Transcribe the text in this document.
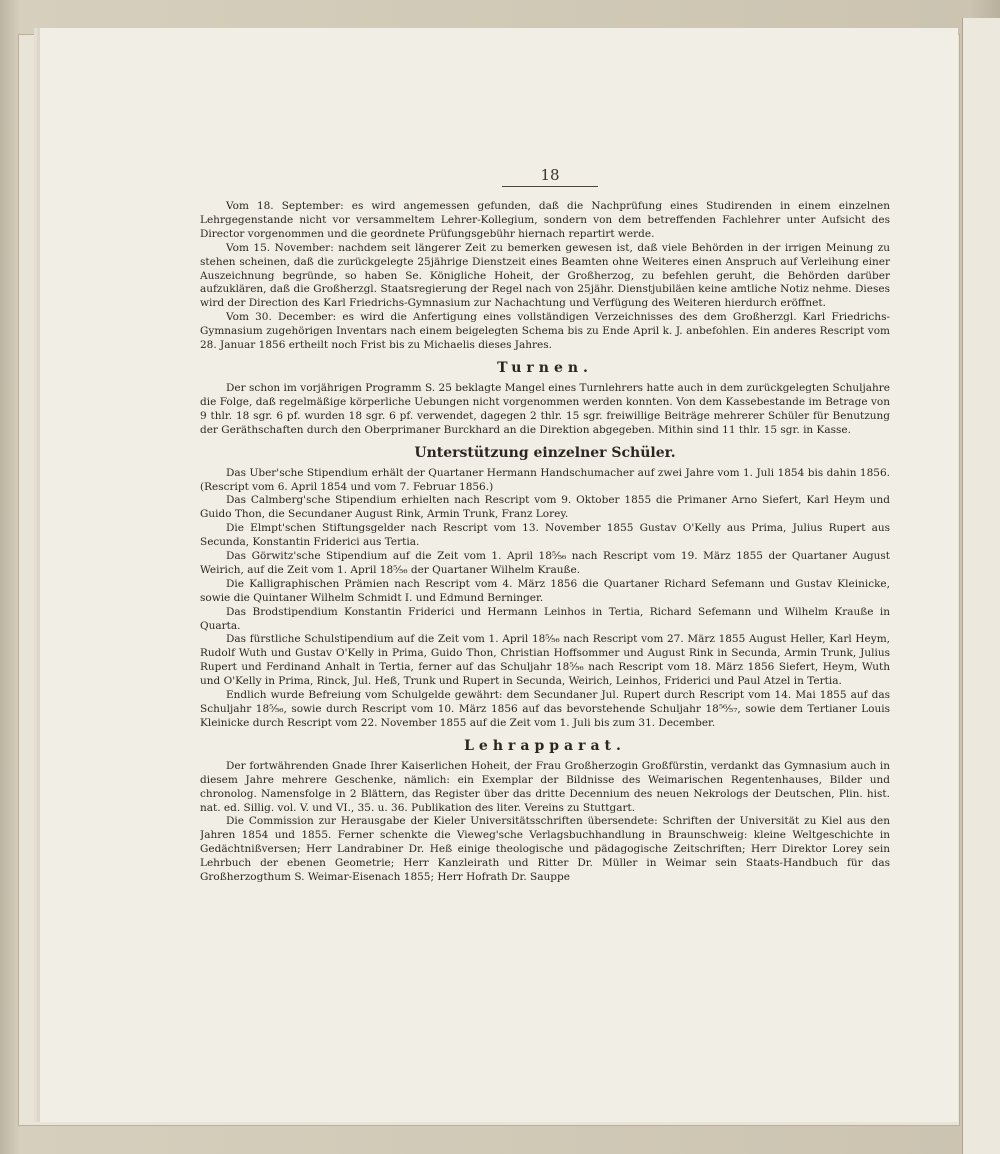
18

Vom 18. September: es wird angemessen gefunden, daß die Nachprüfung eines Studirenden in einem einzelnen Lehrgegenstande nicht vor versammeltem Lehrer-Kollegium, sondern von dem betreffenden Fachlehrer unter Aufsicht des Director vorgenommen und die geordnete Prüfungsgebühr hiernach repartirt werde.

Vom 15. November: nachdem seit längerer Zeit zu bemerken gewesen ist, daß viele Behörden in der irrigen Meinung zu stehen scheinen, daß die zurückgelegte 25jährige Dienstzeit eines Beamten ohne Weiteres einen Anspruch auf Verleihung einer Auszeichnung begründe, so haben Se. Königliche Hoheit, der Großherzog, zu befehlen geruht, die Behörden darüber aufzuklären, daß die Großherzgl. Staatsregierung der Regel nach von 25jähr. Dienstjubiläen keine amtliche Notiz nehme. Dieses wird der Direction des Karl Friedrichs-Gymnasium zur Nachachtung und Verfügung des Weiteren hierdurch eröffnet.

Vom 30. December: es wird die Anfertigung eines vollständigen Verzeichnisses des dem Großherzgl. Karl Friedrichs-Gymnasium zugehörigen Inventars nach einem beigelegten Schema bis zu Ende April k. J. anbefohlen. Ein anderes Rescript vom 28. Januar 1856 ertheilt noch Frist bis zu Michaelis dieses Jahres.

Turnen.

Der schon im vorjährigen Programm S. 25 beklagte Mangel eines Turnlehrers hatte auch in dem zurückgelegten Schuljahre die Folge, daß regelmäßige körperliche Uebungen nicht vorgenommen werden konnten. Von dem Kassebestande im Betrage von 9 thlr. 18 sgr. 6 pf. wurden 18 sgr. 6 pf. verwendet, dagegen 2 thlr. 15 sgr. freiwillige Beiträge mehrerer Schüler für Benutzung der Geräthschaften durch den Oberprimaner Burckhard an die Direktion abgegeben. Mithin sind 11 thlr. 15 sgr. in Kasse.

Unterstützung einzelner Schüler.

Das Uber'sche Stipendium erhält der Quartaner Hermann Handschumacher auf zwei Jahre vom 1. Juli 1854 bis dahin 1856. (Rescript vom 6. April 1854 und vom 7. Februar 1856.)

Das Calmberg'sche Stipendium erhielten nach Rescript vom 9. Oktober 1855 die Primaner Arno Siefert, Karl Heym und Guido Thon, die Secundaner August Rink, Armin Trunk, Franz Lorey.

Die Elmpt'schen Stiftungsgelder nach Rescript vom 13. November 1855 Gustav O'Kelly aus Prima, Julius Rupert aus Secunda, Konstantin Friderici aus Tertia.

Das Görwitz'sche Stipendium auf die Zeit vom 1. April 18⁵⁄₅₆ nach Rescript vom 19. März 1855 der Quartaner August Weirich, auf die Zeit vom 1. April 18⁵⁄₅₆ der Quartaner Wilhelm Krauße.

Die Kalligraphischen Prämien nach Rescript vom 4. März 1856 die Quartaner Richard Sefemann und Gustav Kleinicke, sowie die Quintaner Wilhelm Schmidt I. und Edmund Berninger.

Das Brodstipendium Konstantin Friderici und Hermann Leinhos in Tertia, Richard Sefemann und Wilhelm Krauße in Quarta.

Das fürstliche Schulstipendium auf die Zeit vom 1. April 18⁵⁄₅₆ nach Rescript vom 27. März 1855 August Heller, Karl Heym, Rudolf Wuth und Gustav O'Kelly in Prima, Guido Thon, Christian Hoffsommer und August Rink in Secunda, Armin Trunk, Julius Rupert und Ferdinand Anhalt in Tertia, ferner auf das Schuljahr 18⁵⁄₅₆ nach Rescript vom 18. März 1856 Siefert, Heym, Wuth und O'Kelly in Prima, Rinck, Jul. Heß, Trunk und Rupert in Secunda, Weirich, Leinhos, Friderici und Paul Atzel in Tertia.

Endlich wurde Befreiung vom Schulgelde gewährt: dem Secundaner Jul. Rupert durch Rescript vom 14. Mai 1855 auf das Schuljahr 18⁵⁄₅₆, sowie durch Rescript vom 10. März 1856 auf das bevorstehende Schuljahr 18⁵⁶⁄₅₇, sowie dem Tertianer Louis Kleinicke durch Rescript vom 22. November 1855 auf die Zeit vom 1. Juli bis zum 31. December.

Lehrapparat.

Der fortwährenden Gnade Ihrer Kaiserlichen Hoheit, der Frau Großherzogin Großfürstin, verdankt das Gymnasium auch in diesem Jahre mehrere Geschenke, nämlich: ein Exemplar der Bildnisse des Weimarischen Regentenhauses, Bilder und chronolog. Namensfolge in 2 Blättern, das Register über das dritte Decennium des neuen Nekrologs der Deutschen, Plin. hist. nat. ed. Sillig. vol. V. und VI., 35. u. 36. Publikation des liter. Vereins zu Stuttgart.

Die Commission zur Herausgabe der Kieler Universitätsschriften übersendete: Schriften der Universität zu Kiel aus den Jahren 1854 und 1855. Ferner schenkte die Vieweg'sche Verlagsbuchhandlung in Braunschweig: kleine Weltgeschichte in Gedächtnißversen; Herr Landrabiner Dr. Heß einige theologische und pädagogische Zeitschriften; Herr Direktor Lorey sein Lehrbuch der ebenen Geometrie; Herr Kanzleirath und Ritter Dr. Müller in Weimar sein Staats-Handbuch für das Großherzogthum S. Weimar-Eisenach 1855; Herr Hofrath Dr. Sauppe
